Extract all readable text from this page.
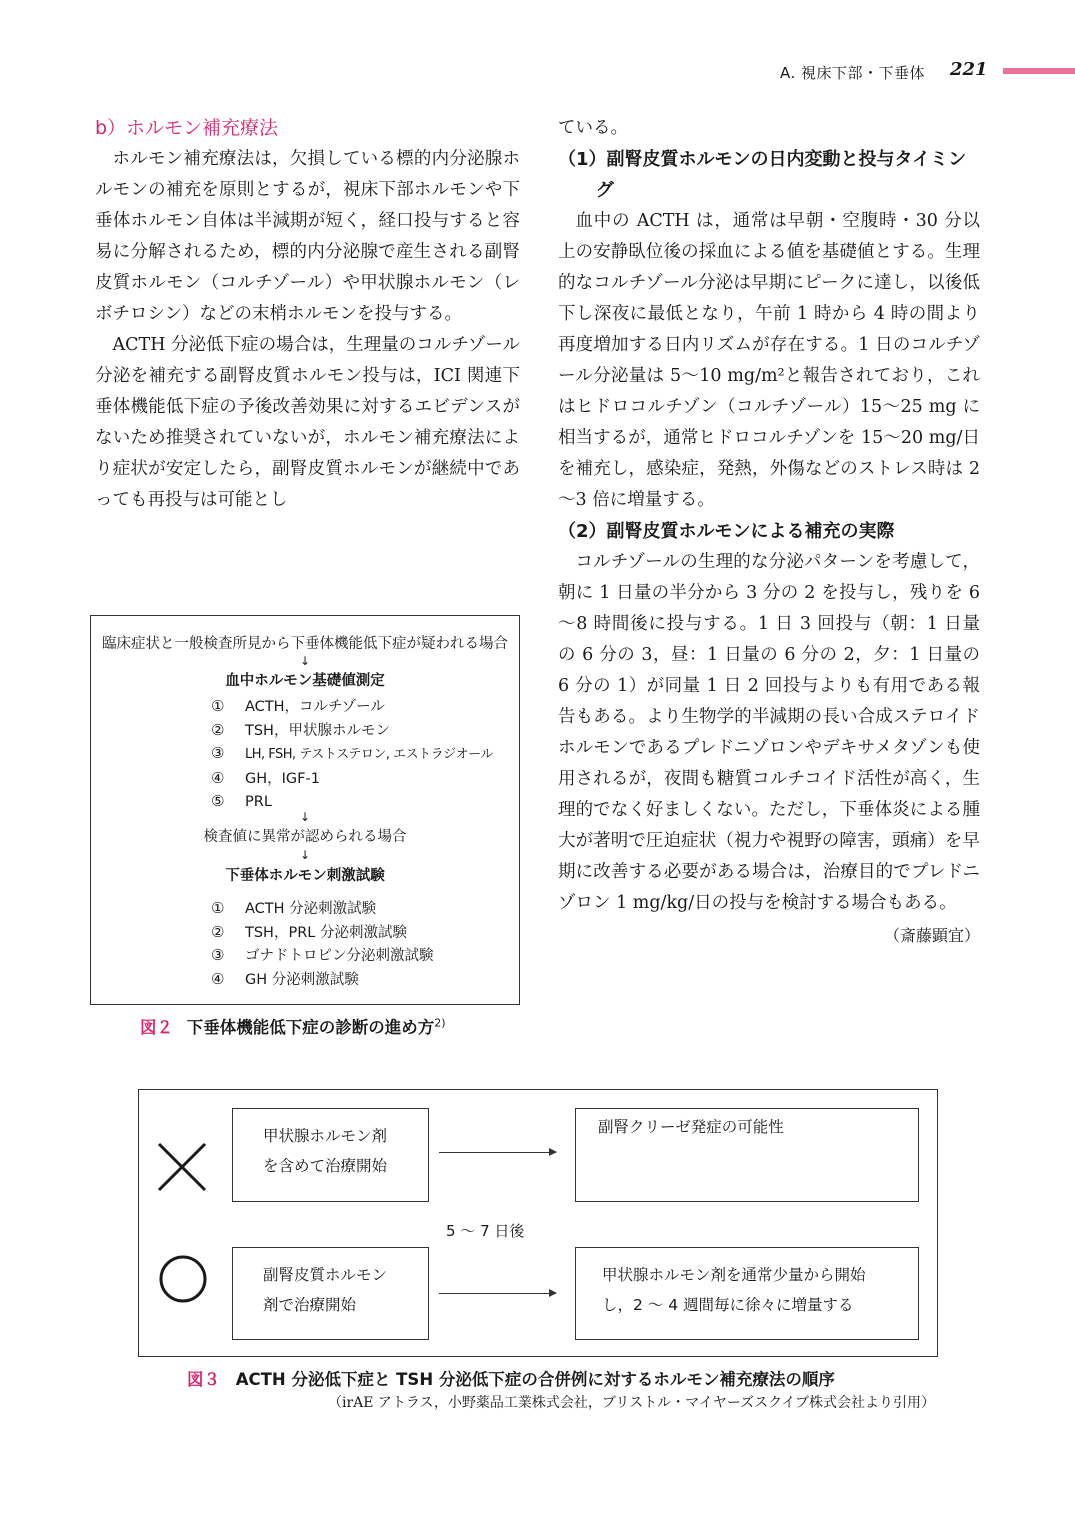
A. 視床下部・下垂体 221

b）ホルモン補充療法

ホルモン補充療法は，欠損している標的内分泌腺ホルモンの補充を原則とするが，視床下部ホルモンや下垂体ホルモン自体は半減期が短く，経口投与すると容易に分解されるため，標的内分泌腺で産生される副腎皮質ホルモン（コルチゾール）や甲状腺ホルモン（レボチロシン）などの末梢ホルモンを投与する。

ACTH 分泌低下症の場合は，生理量のコルチゾール分泌を補充する副腎皮質ホルモン投与は，ICI 関連下垂体機能低下症の予後改善効果に対するエビデンスがないため推奨されていないが，ホルモン補充療法により症状が安定したら，副腎皮質ホルモンが継続中であっても再投与は可能とし

ている。

（1）副腎皮質ホルモンの日内変動と投与タイミング

血中の ACTH は，通常は早朝・空腹時・30 分以上の安静臥位後の採血による値を基礎値とする。生理的なコルチゾール分泌は早期にピークに達し，以後低下し深夜に最低となり，午前 1 時から 4 時の間より再度増加する日内リズムが存在する。1 日のコルチゾール分泌量は 5～10 mg/m²と報告されており，これはヒドロコルチゾン（コルチゾール）15～25 mg に相当するが，通常ヒドロコルチゾンを 15～20 mg/日を補充し，感染症，発熱，外傷などのストレス時は 2～3 倍に増量する。

（2）副腎皮質ホルモンによる補充の実際

コルチゾールの生理的な分泌パターンを考慮して，朝に 1 日量の半分から 3 分の 2 を投与し，残りを 6～8 時間後に投与する。1 日 3 回投与（朝：1 日量の 6 分の 3，昼：1 日量の 6 分の 2，夕：1 日量の 6 分の 1）が同量 1 日 2 回投与よりも有用である報告もある。より生物学的半減期の長い合成ステロイドホルモンであるプレドニゾロンやデキサメタゾンも使用されるが，夜間も糖質コルチコイド活性が高く，生理的でなく好ましくない。ただし，下垂体炎による腫大が著明で圧迫症状（視力や視野の障害，頭痛）を早期に改善する必要がある場合は，治療目的でプレドニゾロン 1 mg/kg/日の投与を検討する場合もある。

（斎藤顕宜）

臨床症状と一般検査所見から下垂体機能低下症が疑われる場合
↓
血中ホルモン基礎値測定
① ACTH，コルチゾール
② TSH，甲状腺ホルモン
③ LH, FSH, テストステロン, エストラジオール
④ GH，IGF-1
⑤ PRL
↓
検査値に異常が認められる場合
↓
下垂体ホルモン刺激試験
① ACTH 分泌刺激試験
② TSH，PRL 分泌刺激試験
③ ゴナドトロピン分泌刺激試験
④ GH 分泌刺激試験
図２ 下垂体機能低下症の診断の進め方$^{2)}$
甲状腺ホルモン剤
を含めて治療開始
副腎クリーゼ発症の可能性
5 ～ 7 日後
副腎皮質ホルモン
剤で治療開始
甲状腺ホルモン剤を通常少量から開始
し，2 ～ 4 週間毎に徐々に増量する
図３ ACTH 分泌低下症と TSH 分泌低下症の合併例に対するホルモン補充療法の順序
（irAE アトラス，小野薬品工業株式会社，ブリストル・マイヤーズスクイブ株式会社より引用）
